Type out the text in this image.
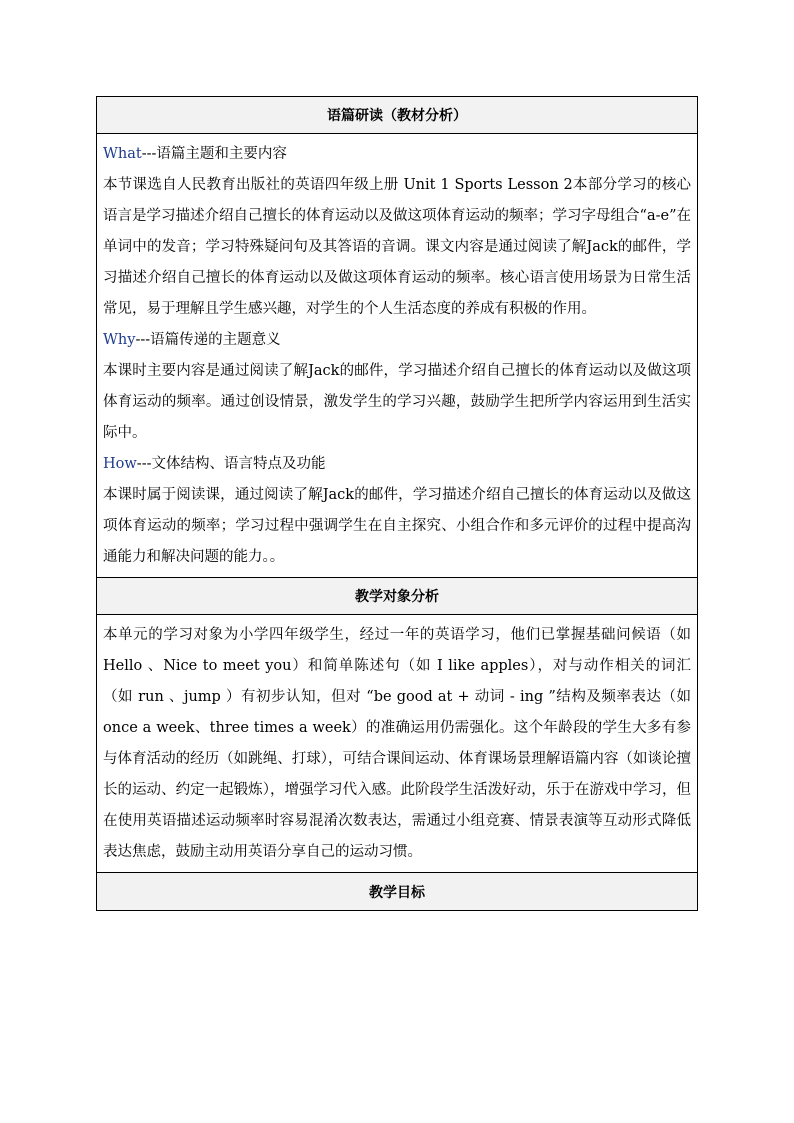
语篇研读（教材分析）

What---语篇主题和主要内容

本节课选自人民教育出版社的英语四年级上册 Unit 1 Sports Lesson 2本部分学习的核心语言是学习描述介绍自己擅长的体育运动以及做这项体育运动的频率；学习字母组合“a-e”在单词中的发音；学习特殊疑问句及其答语的音调。课文内容是通过阅读了解Jack的邮件，学习描述介绍自己擅长的体育运动以及做这项体育运动的频率。核心语言使用场景为日常生活常见，易于理解且学生感兴趣，对学生的个人生活态度的养成有积极的作用。

Why---语篇传递的主题意义

本课时主要内容是通过阅读了解Jack的邮件，学习描述介绍自己擅长的体育运动以及做这项体育运动的频率。通过创设情景，激发学生的学习兴趣，鼓励学生把所学内容运用到生活实际中。

How---文体结构、语言特点及功能

本课时属于阅读课，通过阅读了解Jack的邮件，学习描述介绍自己擅长的体育运动以及做这项体育运动的频率；学习过程中强调学生在自主探究、小组合作和多元评价的过程中提高沟通能力和解决问题的能力。。

教学对象分析

本单元的学习对象为小学四年级学生，经过一年的英语学习，他们已掌握基础问候语（如 Hello 、Nice to meet you）和简单陈述句（如 I like apples），对与动作相关的词汇（如 run 、jump ）有初步认知，但对 “be good at + 动词 - ing ”结构及频率表达（如 once a week、three times a week）的准确运用仍需强化。这个年龄段的学生大多有参与体育活动的经历（如跳绳、打球），可结合课间运动、体育课场景理解语篇内容（如谈论擅长的运动、约定一起锻炼），增强学习代入感。此阶段学生活泼好动，乐于在游戏中学习，但在使用英语描述运动频率时容易混淆次数表达，需通过小组竞赛、情景表演等互动形式降低表达焦虑，鼓励主动用英语分享自己的运动习惯。

教学目标
